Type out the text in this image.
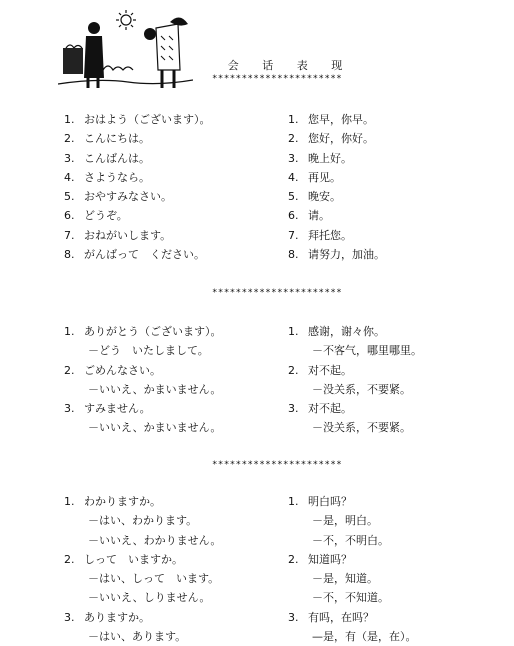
会 话 表 现
**********************
1. おはよう（ございます）。	1. 您早，你早。
2. こんにちは。	2. 您好，你好。
3. こんばんは。	3. 晚上好。
4. さようなら。	4. 再见。
5. おやすみなさい。	5. 晚安。
6. どうぞ。	6. 请。
7. おねがいします。	7. 拜托您。
8. がんばって　ください。	8. 请努力，加油。
**********************
1. ありがとう（ございます）。	1. 感谢，谢々你。
－どう　いたしまして。	－不客气，哪里哪里。
2. ごめんなさい。	2. 对不起。
－いいえ、かまいません。	－没关系，不要紧。
3. すみません。	3. 对不起。
－いいえ、かまいません。	－没关系，不要紧。
**********************
1. わかりますか。	1. 明白吗？
－はい、わかります。	－是，明白。
－いいえ、わかりません。	－不，不明白。
2. しって　いますか。	2. 知道吗？
－はい、しって　います。	－是，知道。
－いいえ、しりません。	－不，不知道。
3. ありますか。	3. 有吗，在吗？
－はい、あります。	—是，有（是，在）。
